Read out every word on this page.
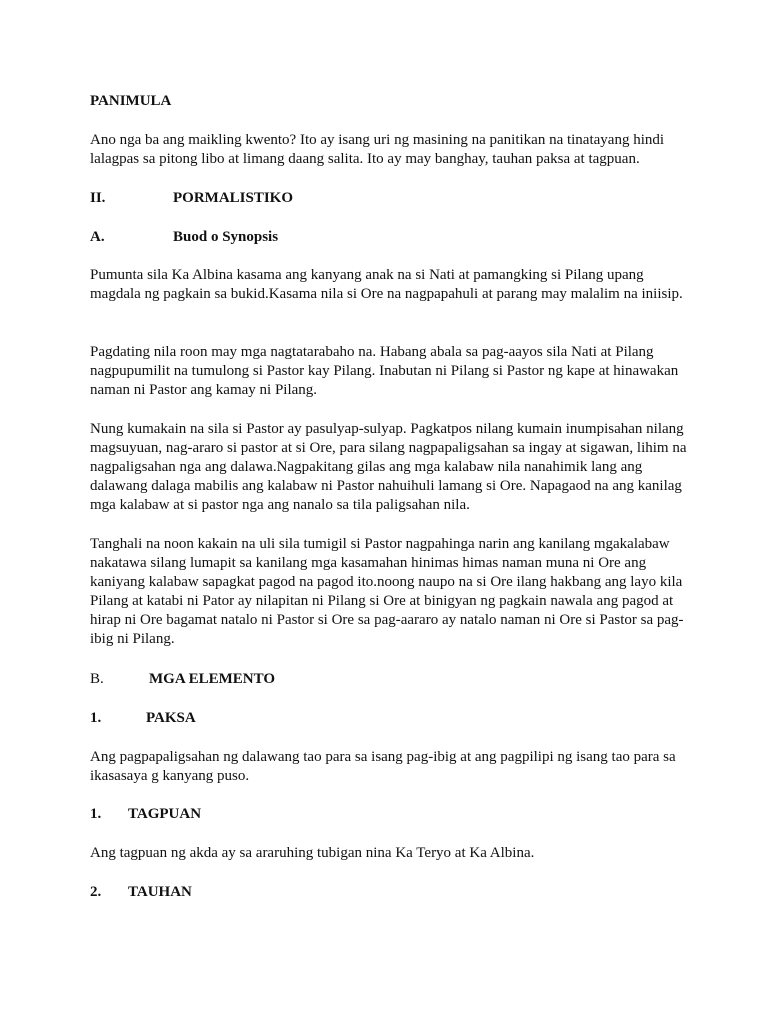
PANIMULA

Ano nga ba ang maikling kwento? Ito ay isang uri ng masining na panitikan na tinatayang hindi lalagpas sa pitong libo at limang daang salita. Ito ay may banghay, tauhan paksa at tagpuan.

II.	PORMALISTIKO
A.	Buod o Synopsis

Pumunta sila Ka Albina kasama ang kanyang anak na si Nati at pamangking si Pilang upang magdala ng pagkain sa bukid.Kasama nila si Ore na nagpapahuli at parang may malalim na iniisip.

Pagdating nila roon may mga nagtatarabaho na. Habang abala sa pag-aayos sila Nati at Pilang nagpupumilit na tumulong si Pastor kay Pilang. Inabutan ni Pilang si Pastor ng kape at hinawakan naman ni Pastor ang kamay ni Pilang.

Nung kumakain na sila si Pastor ay pasulyap-sulyap. Pagkatpos nilang kumain inumpisahan nilang magsuyuan, nag-araro si pastor at si Ore, para silang nagpapaligsahan sa ingay at sigawan, lihim na nagpaligsahan nga ang dalawa.Nagpakitang gilas ang mga kalabaw nila nanahimik lang ang dalawang dalaga mabilis ang kalabaw ni Pastor nahuihuli lamang si Ore. Napagaod na ang kanilag mga kalabaw at si pastor nga ang nanalo sa tila paligsahan nila.

Tanghali na noon kakain na uli sila tumigil si Pastor nagpahinga narin ang kanilang mgakalabaw nakatawa silang lumapit sa kanilang mga kasamahan hinimas himas naman muna ni Ore ang kaniyang kalabaw sapagkat pagod na pagod ito.noong naupo na si Ore ilang hakbang ang layo kila Pilang at katabi ni Pator ay nilapitan ni Pilang si Ore at binigyan ng pagkain nawala ang pagod at hirap ni Ore bagamat natalo ni Pastor si Ore sa pag-aararo ay natalo naman ni Ore si Pastor sa pag-ibig ni Pilang.

B.	MGA ELEMENTO
1.	PAKSA

Ang pagpapaligsahan ng dalawang tao para sa isang pag-ibig at ang pagpilipi ng isang tao para sa ikasasaya g kanyang puso.

1. TAGPUAN

Ang tagpuan ng akda ay sa araruhing tubigan nina Ka Teryo at Ka Albina.

2. TAUHAN
